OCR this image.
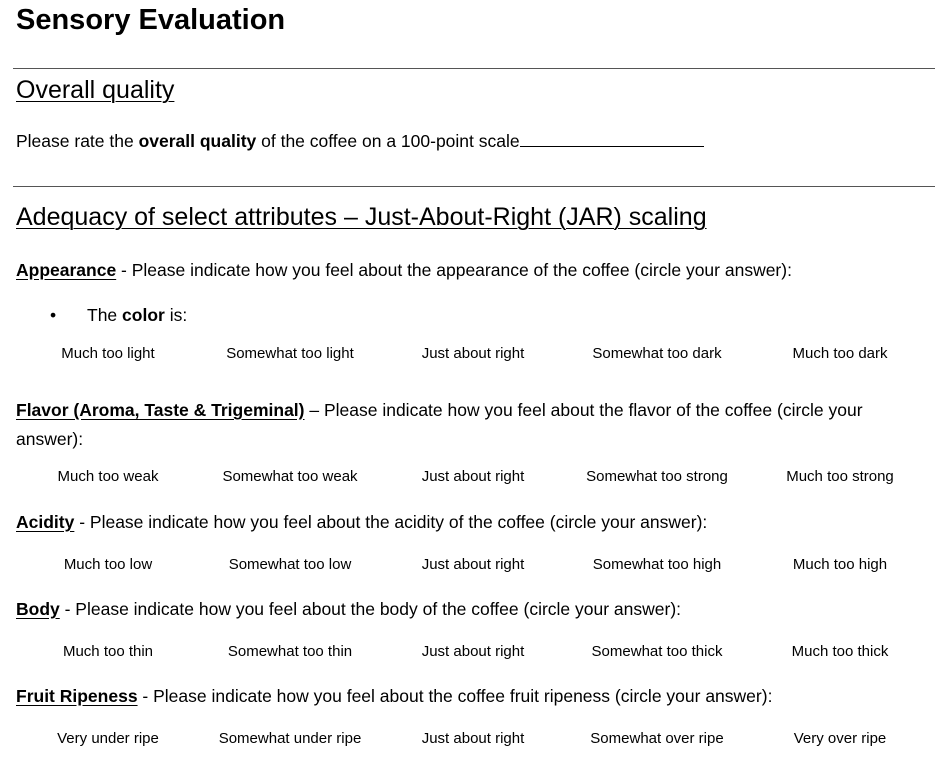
Sensory Evaluation
Overall quality
Please rate the overall quality of the coffee on a 100-point scale
Adequacy of select attributes – Just-About-Right (JAR) scaling
Appearance - Please indicate how you feel about the appearance of the coffee (circle your answer):
• The color is:
Much too light	Somewhat too light	Just about right	Somewhat too dark	Much too dark
Flavor (Aroma, Taste & Trigeminal) – Please indicate how you feel about the flavor of the coffee (circle your answer):
Much too weak	Somewhat too weak	Just about right	Somewhat too strong	Much too strong
Acidity - Please indicate how you feel about the acidity of the coffee (circle your answer):
Much too low	Somewhat too low	Just about right	Somewhat too high	Much too high
Body - Please indicate how you feel about the body of the coffee (circle your answer):
Much too thin	Somewhat too thin	Just about right	Somewhat too thick	Much too thick
Fruit Ripeness - Please indicate how you feel about the coffee fruit ripeness (circle your answer):
Very under ripe	Somewhat under ripe	Just about right	Somewhat over ripe	Very over ripe
